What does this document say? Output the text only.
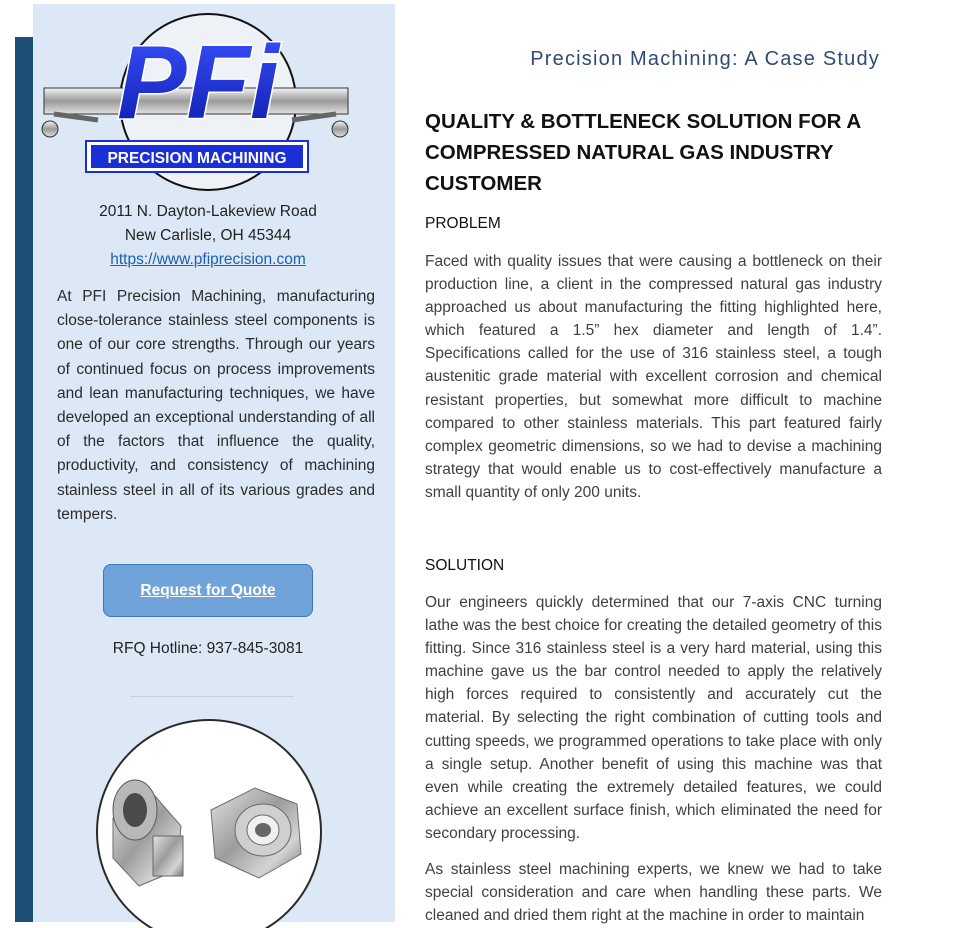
PFi
PRECISION MACHINING
2011 N. Dayton-Lakeview Road
New Carlisle, OH 45344
https://www.pfiprecision.com
At PFI Precision Machining, manufacturing close-tolerance stainless steel components is one of our core strengths. Through our years of continued focus on process improvements and lean manufacturing techniques, we have developed an exceptional understanding of all of the factors that influence the quality, productivity, and consistency of machining stainless steel in all of its various grades and tempers.
Request for Quote
RFQ Hotline: 937-845-3081
Precision Machining: A Case Study
QUALITY & BOTTLENECK SOLUTION FOR A COMPRESSED NATURAL GAS INDUSTRY CUSTOMER
PROBLEM
Faced with quality issues that were causing a bottleneck on their production line, a client in the compressed natural gas industry approached us about manufacturing the fitting highlighted here, which featured a 1.5” hex diameter and length of 1.4”. Specifications called for the use of 316 stainless steel, a tough austenitic grade material with excellent corrosion and chemical resistant properties, but somewhat more difficult to machine compared to other stainless materials. This part featured fairly complex geometric dimensions, so we had to devise a machining strategy that would enable us to cost-effectively manufacture a small quantity of only 200 units.
SOLUTION
Our engineers quickly determined that our 7-axis CNC turning lathe was the best choice for creating the detailed geometry of this fitting. Since 316 stainless steel is a very hard material, using this machine gave us the bar control needed to apply the relatively high forces required to consistently and accurately cut the material. By selecting the right combination of cutting tools and cutting speeds, we programmed operations to take place with only a single setup. Another benefit of using this machine was that even while creating the extremely detailed features, we could achieve an excellent surface finish, which eliminated the need for secondary processing.
As stainless steel machining experts, we knew we had to take special consideration and care when handling these parts. We cleaned and dried them right at the machine in order to maintain
